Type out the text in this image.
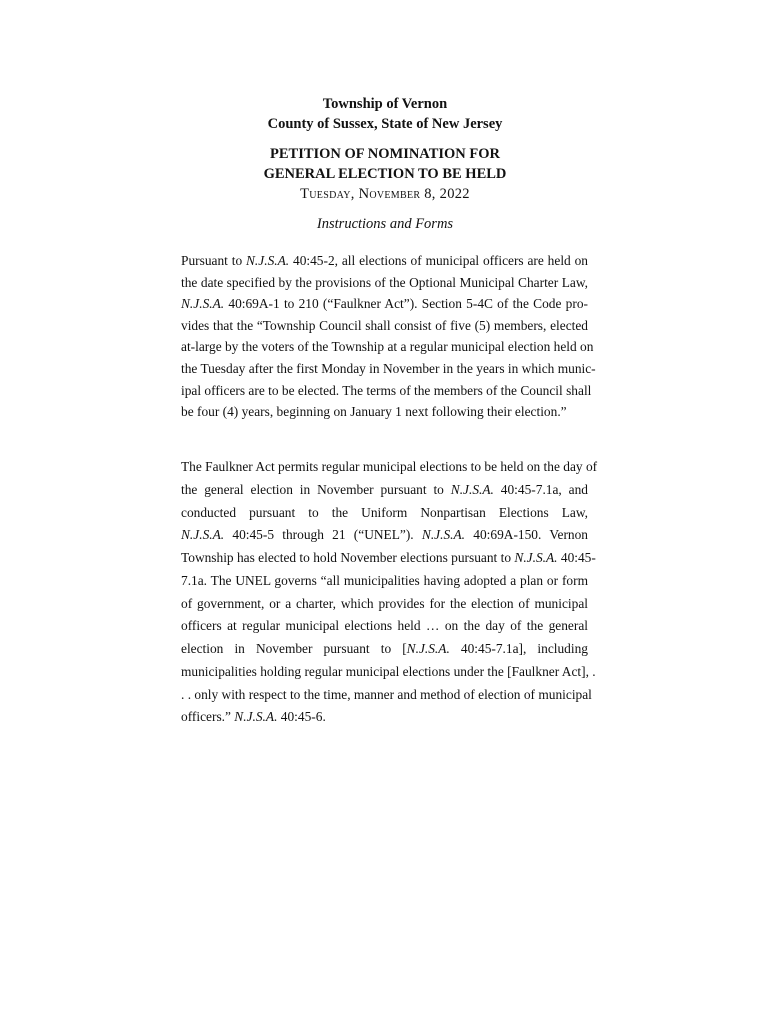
Township of Vernon
County of Sussex, State of New Jersey
PETITION OF NOMINATION FOR
GENERAL ELECTION TO BE HELD
Tuesday, November 8, 2022
Instructions and Forms
Pursuant to N.J.S.A. 40:45-2, all elections of municipal officers are held on
the date specified by the provisions of the Optional Municipal Charter Law,
N.J.S.A. 40:69A-1 to 210 (“Faulkner Act”). Section 5-4C of the Code pro-
vides that the “Township Council shall consist of five (5) members, elected
at-large by the voters of the Township at a regular municipal election held on
the Tuesday after the first Monday in November in the years in which munic-
ipal officers are to be elected. The terms of the members of the Council shall
be four (4) years, beginning on January 1 next following their election.”
The Faulkner Act permits regular municipal elections to be held on the day of
the general election in November pursuant to N.J.S.A. 40:45-7.1a, and
conducted pursuant to the Uniform Nonpartisan Elections Law,
N.J.S.A. 40:45-5 through 21 (“UNEL”). N.J.S.A. 40:69A-150. Vernon
Township has elected to hold November elections pursuant to N.J.S.A. 40:45-
7.1a. The UNEL governs “all municipalities having adopted a plan or form
of government, or a charter, which provides for the election of municipal
officers at regular municipal elections held … on the day of the general
election in November pursuant to [N.J.S.A. 40:45-7.1a], including
municipalities holding regular municipal elections under the [Faulkner Act], .
. . only with respect to the time, manner and method of election of municipal
officers.” N.J.S.A. 40:45-6.
